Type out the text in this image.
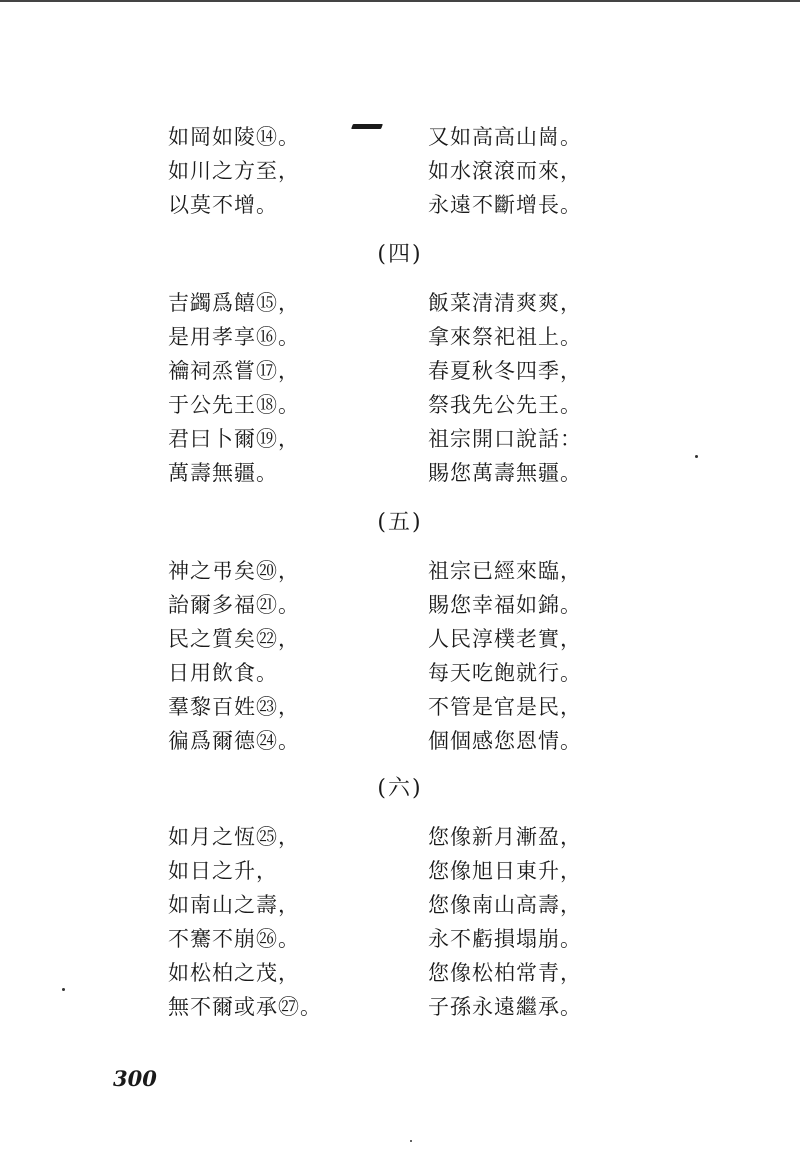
如岡如陵⑭。
如川之方至，
以莫不增。
又如高高山崗。
如水滾滾而來，
永遠不斷增長。
(四)
吉蠲爲饎⑮，
是用孝享⑯。
禴祠烝嘗⑰，
于公先王⑱。
君曰卜爾⑲，
萬壽無疆。
飯菜清清爽爽，
拿來祭祀祖上。
春夏秋冬四季，
祭我先公先王。
祖宗開口說話：
賜您萬壽無疆。
(五)
神之弔矣⑳，
詒爾多福㉑。
民之質矣㉒，
日用飲食。
羣黎百姓㉓，
徧爲爾德㉔。
祖宗已經來臨，
賜您幸福如錦。
人民淳樸老實，
每天吃飽就行。
不管是官是民，
個個感您恩情。
(六)
如月之恆㉕，
如日之升，
如南山之壽，
不騫不崩㉖。
如松柏之茂，
無不爾或承㉗。
您像新月漸盈，
您像旭日東升，
您像南山高壽，
永不虧損塌崩。
您像松柏常青，
子孫永遠繼承。
300
